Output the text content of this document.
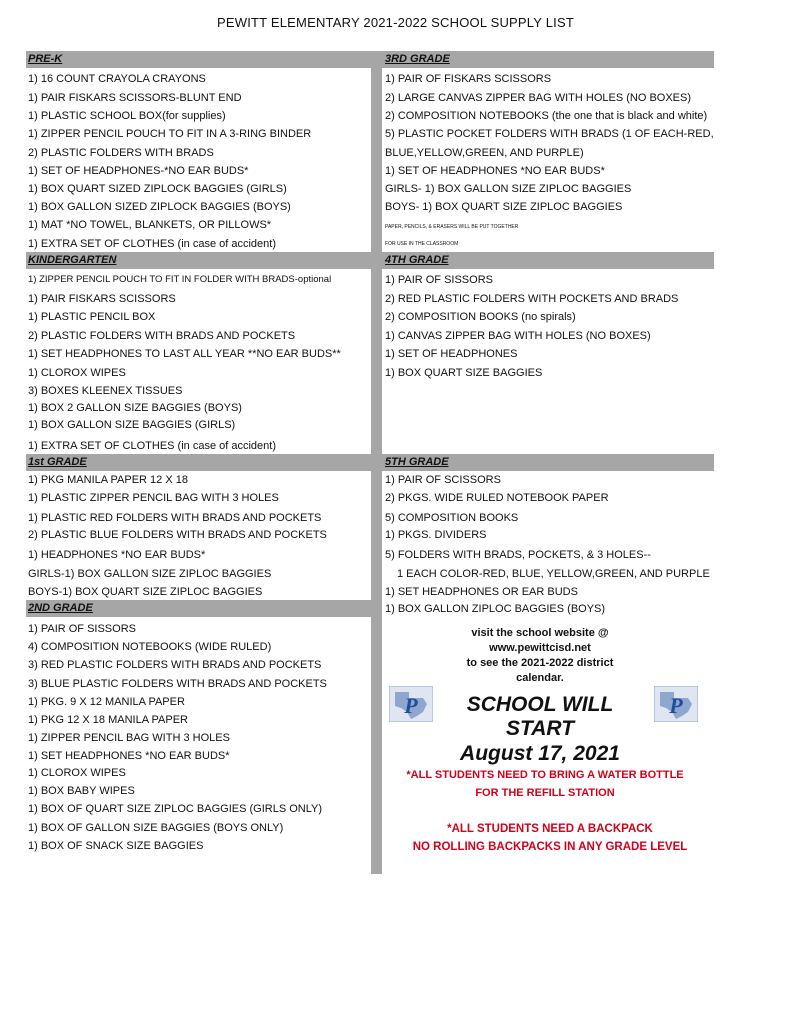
PEWITT ELEMENTARY 2021-2022 SCHOOL SUPPLY LIST
PRE-K	3RD GRADE
KINDERGARTEN	4TH GRADE
1st GRADE	5TH GRADE
2ND GRADE
1) 16 COUNT CRAYOLA CRAYONS
1) PAIR FISKARS SCISSORS-BLUNT END
1) PLASTIC SCHOOL BOX(for supplies)
1) ZIPPER PENCIL POUCH TO FIT IN A 3-RING BINDER
2) PLASTIC FOLDERS WITH BRADS
1) SET OF HEADPHONES-*NO EAR BUDS*
1) BOX QUART SIZED ZIPLOCK BAGGIES (GIRLS)
1) BOX GALLON SIZED ZIPLOCK BAGGIES (BOYS)
1) MAT *NO TOWEL, BLANKETS, OR PILLOWS*
1) EXTRA SET OF CLOTHES (in case of accident)
1) PAIR OF FISKARS SCISSORS
2) LARGE CANVAS ZIPPER BAG WITH HOLES (NO BOXES)
2) COMPOSITION NOTEBOOKS (the one that is black and white)
5) PLASTIC POCKET FOLDERS WITH BRADS (1 OF EACH-RED,
BLUE,YELLOW,GREEN, AND PURPLE)
1) SET OF HEADPHONES *NO EAR BUDS*
GIRLS- 1) BOX GALLON SIZE ZIPLOC BAGGIES
BOYS- 1) BOX QUART SIZE ZIPLOC BAGGIES
PAPER, PENCILS, & ERASERS WILL BE PUT TOGETHER
FOR USE IN THE CLASSROOM
1) ZIPPER PENCIL POUCH TO FIT IN FOLDER WITH BRADS-optional
1) PAIR FISKARS SCISSORS
1) PLASTIC PENCIL BOX
2) PLASTIC FOLDERS WITH BRADS AND POCKETS
1) SET HEADPHONES TO LAST ALL YEAR **NO EAR BUDS**
1) CLOROX WIPES
3) BOXES KLEENEX TISSUES
1) BOX 2 GALLON SIZE BAGGIES (BOYS)
1) BOX GALLON SIZE BAGGIES (GIRLS)
1) EXTRA SET OF CLOTHES (in case of accident)
1) PAIR OF SISSORS
2) RED PLASTIC FOLDERS WITH POCKETS AND BRADS
2) COMPOSITION BOOKS (no spirals)
1) CANVAS ZIPPER BAG WITH HOLES (NO BOXES)
1) SET OF HEADPHONES
1) BOX QUART SIZE BAGGIES
1) PKG MANILA PAPER 12 X 18
1) PLASTIC ZIPPER PENCIL BAG WITH 3 HOLES
1) PLASTIC RED FOLDERS WITH BRADS AND POCKETS
2) PLASTIC BLUE FOLDERS WITH BRADS AND POCKETS
1) HEADPHONES *NO EAR BUDS*
GIRLS-1) BOX GALLON SIZE ZIPLOC BAGGIES
BOYS-1) BOX QUART SIZE ZIPLOC BAGGIES
1) PAIR OF SCISSORS
2) PKGS. WIDE RULED NOTEBOOK PAPER
5) COMPOSITION BOOKS
1) PKGS. DIVIDERS
5) FOLDERS WITH BRADS, POCKETS, & 3 HOLES--
1 EACH COLOR-RED, BLUE, YELLOW,GREEN, AND PURPLE
1) SET HEADPHONES OR EAR BUDS
1) BOX GALLON ZIPLOC BAGGIES (BOYS)
1) PAIR OF SISSORS
4) COMPOSITION NOTEBOOKS (WIDE RULED)
3) RED PLASTIC FOLDERS WITH BRADS AND POCKETS
3) BLUE PLASTIC FOLDERS WITH BRADS AND POCKETS
1) PKG. 9 X 12 MANILA PAPER
1) PKG 12 X 18 MANILA PAPER
1) ZIPPER PENCIL BAG WITH 3 HOLES
1) SET HEADPHONES *NO EAR BUDS*
1) CLOROX WIPES
1) BOX BABY WIPES
1) BOX OF QUART SIZE ZIPLOC BAGGIES (GIRLS ONLY)
1) BOX OF GALLON SIZE BAGGIES (BOYS ONLY)
1) BOX OF SNACK SIZE BAGGIES
visit the school website @
www.pewittcisd.net
to see the 2021-2022 district
calendar.
P	P
SCHOOL WILL
START
August 17, 2021
*ALL STUDENTS NEED TO BRING A WATER BOTTLE
FOR THE REFILL STATION
*ALL STUDENTS NEED A BACKPACK
NO ROLLING BACKPACKS IN ANY GRADE LEVEL
